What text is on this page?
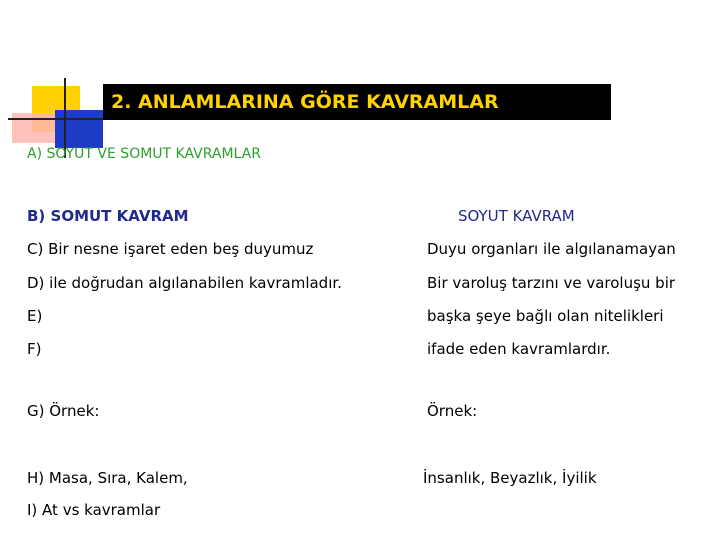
2. ANLAMLARINA GÖRE KAVRAMLAR
A) SOYUT VE SOMUT KAVRAMLAR
B) SOMUT KAVRAM	SOYUT KAVRAM
C) Bir nesne işaret eden beş duyumuz
D) ile doğrudan algılanabilen kavramladır.
E)
F)
G) Örnek:
H) Masa, Sıra, Kalem,
I) At vs kavramlar
Duyu organları ile algılanamayan
Bir varoluş tarzını ve varoluşu bir
başka şeye bağlı olan nitelikleri
ifade eden kavramlardır.
Örnek:
İnsanlık, Beyazlık, İyilik
